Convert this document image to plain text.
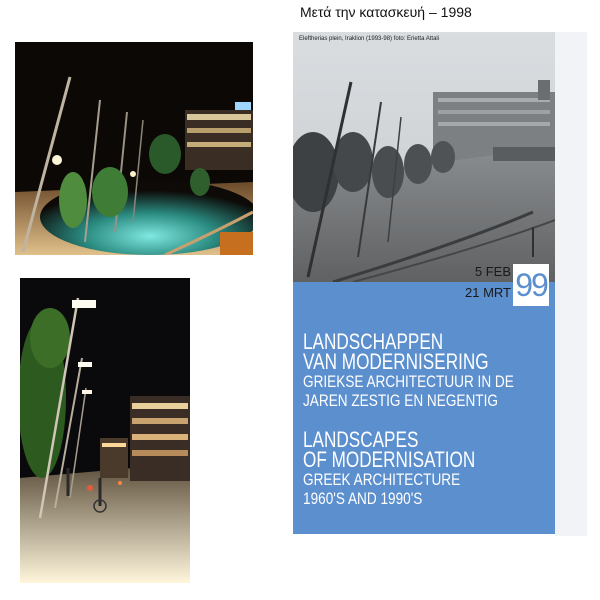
Μετά την κατασκευή – 1998
Eleftherias plein, Iraklion (1993-98) foto: Erietta Attali
5 FEB
21 MRT 99
LANDSCHAPPEN
VAN MODERNISERING
GRIEKSE ARCHITECTUUR IN DE
JAREN ZESTIG EN NEGENTIG
LANDSCAPES
OF MODERNISATION
GREEK ARCHITECTURE
1960'S AND 1990'S
